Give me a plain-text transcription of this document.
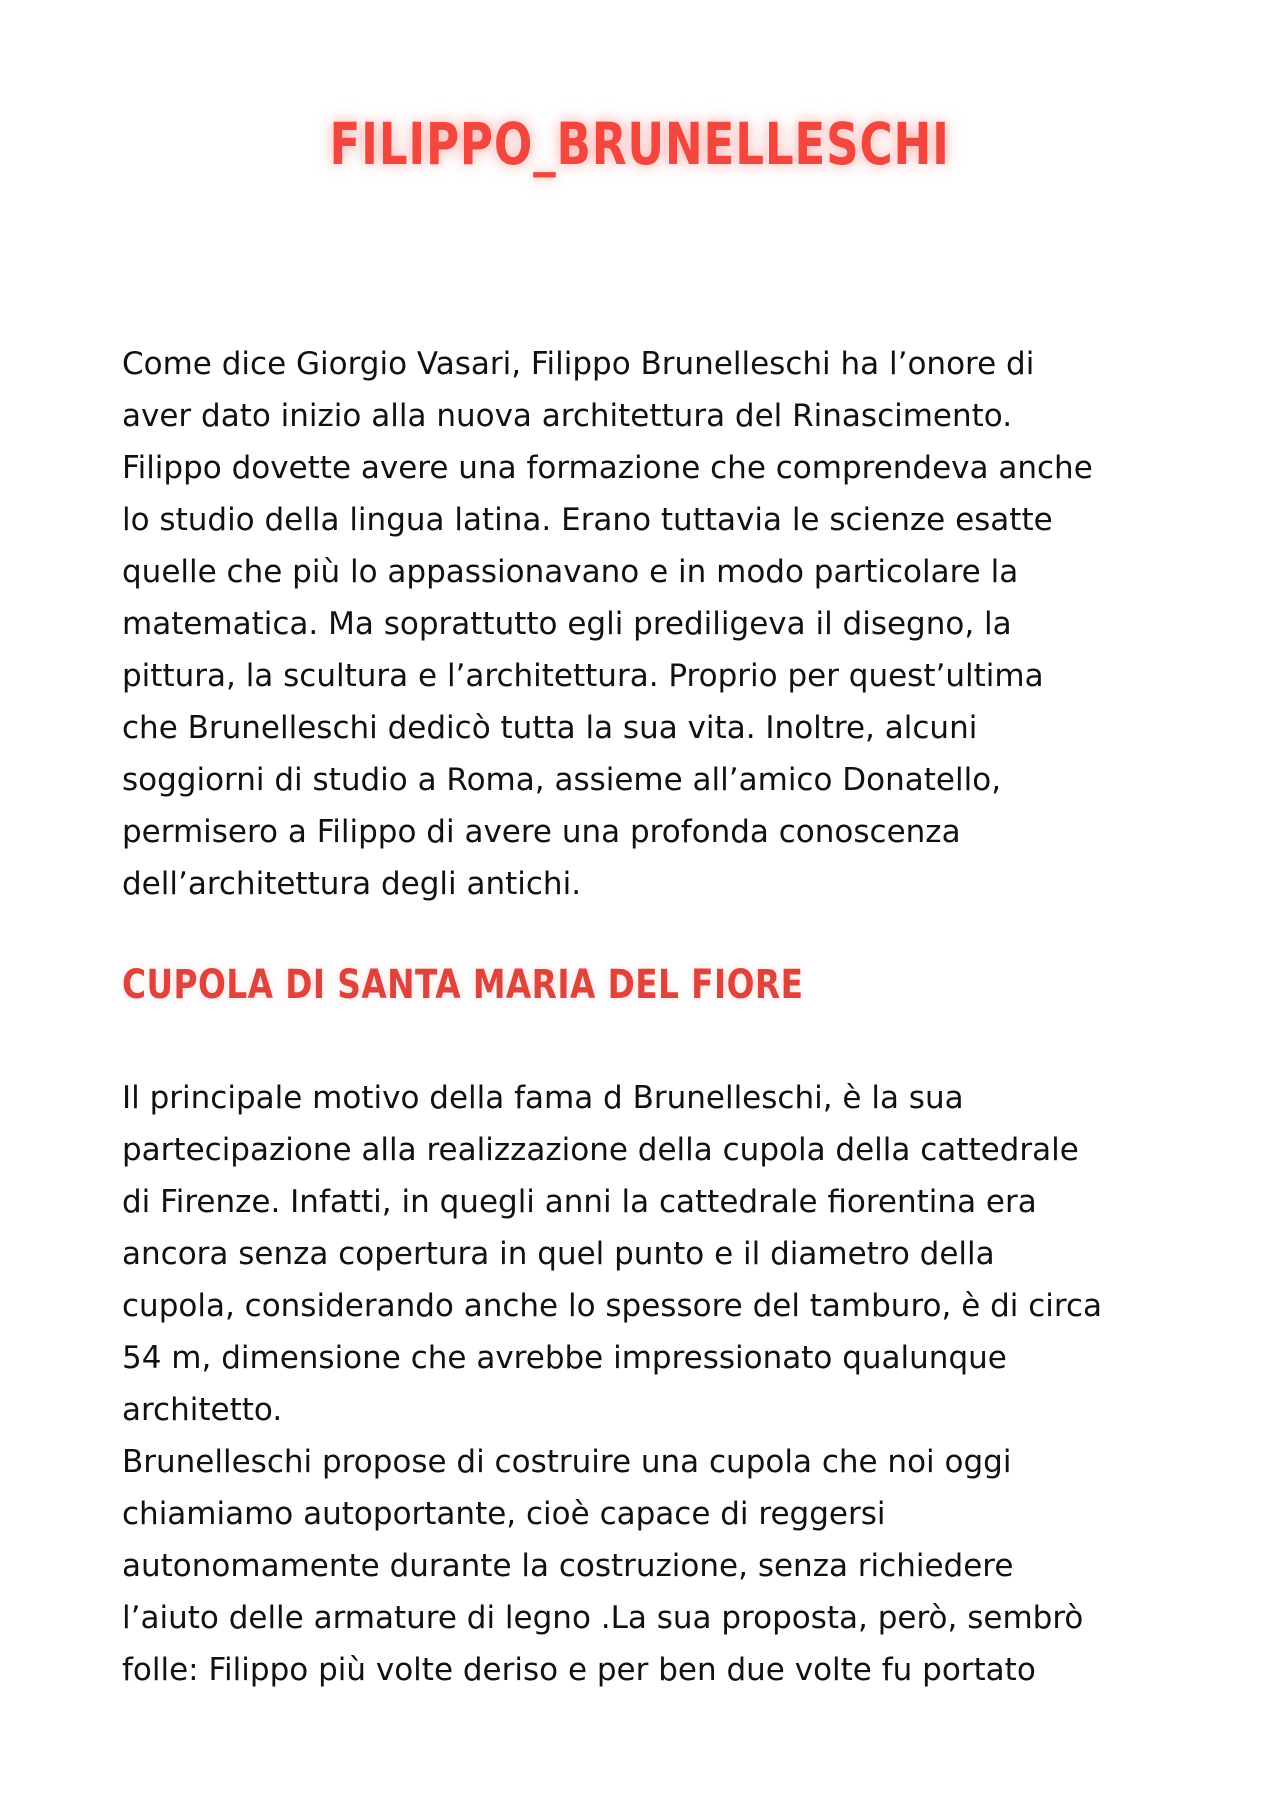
FILIPPO_BRUNELLESCHI

Come dice Giorgio Vasari, Filippo Brunelleschi ha l’onore di
aver dato inizio alla nuova architettura del Rinascimento.
Filippo dovette avere una formazione che comprendeva anche
lo studio della lingua latina. Erano tuttavia le scienze esatte
quelle che più lo appassionavano e in modo particolare la
matematica. Ma soprattutto egli prediligeva il disegno, la
pittura, la scultura e l’architettura. Proprio per quest’ultima
che Brunelleschi dedicò tutta la sua vita. Inoltre, alcuni
soggiorni di studio a Roma, assieme all’amico Donatello,
permisero a Filippo di avere una profonda conoscenza
dell’architettura degli antichi.

CUPOLA DI SANTA MARIA DEL FIORE

Il principale motivo della fama d Brunelleschi, è la sua
partecipazione alla realizzazione della cupola della cattedrale
di Firenze. Infatti, in quegli anni la cattedrale fiorentina era
ancora senza copertura in quel punto e il diametro della
cupola, considerando anche lo spessore del tamburo, è di circa
54 m, dimensione che avrebbe impressionato qualunque
architetto.
Brunelleschi propose di costruire una cupola che noi oggi
chiamiamo autoportante, cioè capace di reggersi
autonomamente durante la costruzione, senza richiedere
l’aiuto delle armature di legno .La sua proposta, però, sembrò
folle: Filippo più volte deriso e per ben due volte fu portato
